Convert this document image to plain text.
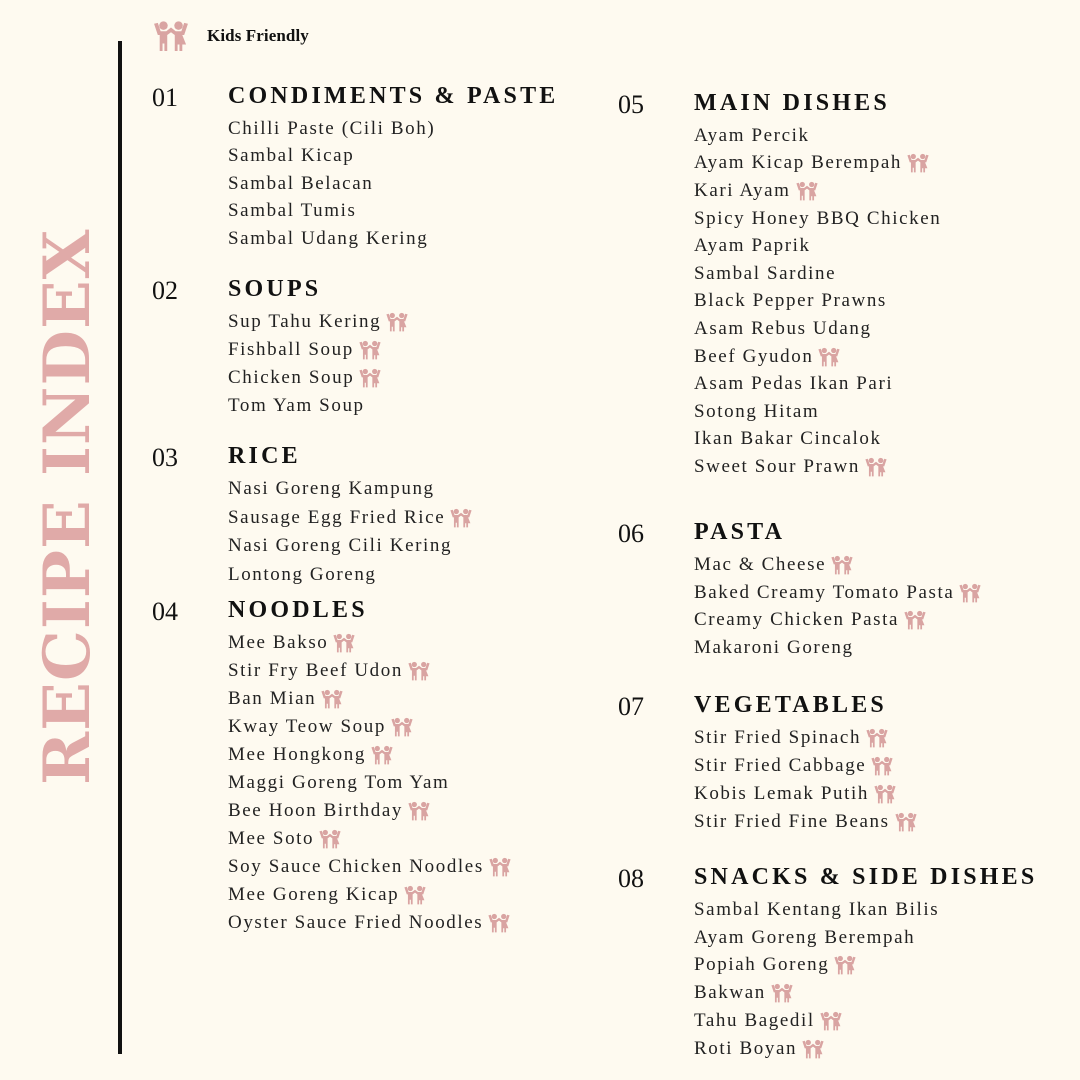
Kids Friendly
RECIPE INDEX
01 CONDIMENTS & PASTE
Chilli Paste (Cili Boh)
Sambal Kicap
Sambal Belacan
Sambal Tumis
Sambal Udang Kering
02 SOUPS
Sup Tahu Kering
Fishball Soup
Chicken Soup
Tom Yam Soup
03 RICE
Nasi Goreng Kampung
Sausage Egg Fried Rice
Nasi Goreng Cili Kering
Lontong Goreng
04 NOODLES
Mee Bakso
Stir Fry Beef Udon
Ban Mian
Kway Teow Soup
Mee Hongkong
Maggi Goreng Tom Yam
Bee Hoon Birthday
Mee Soto
Soy Sauce Chicken Noodles
Mee Goreng Kicap
Oyster Sauce Fried Noodles
05 MAIN DISHES
Ayam Percik
Ayam Kicap Berempah
Kari Ayam
Spicy Honey BBQ Chicken
Ayam Paprik
Sambal Sardine
Black Pepper Prawns
Asam Rebus Udang
Beef Gyudon
Asam Pedas Ikan Pari
Sotong Hitam
Ikan Bakar Cincalok
Sweet Sour Prawn
06 PASTA
Mac & Cheese
Baked Creamy Tomato Pasta
Creamy Chicken Pasta
Makaroni Goreng
07 VEGETABLES
Stir Fried Spinach
Stir Fried Cabbage
Kobis Lemak Putih
Stir Fried Fine Beans
08 SNACKS & SIDE DISHES
Sambal Kentang Ikan Bilis
Ayam Goreng Berempah
Popiah Goreng
Bakwan
Tahu Bagedil
Roti Boyan
